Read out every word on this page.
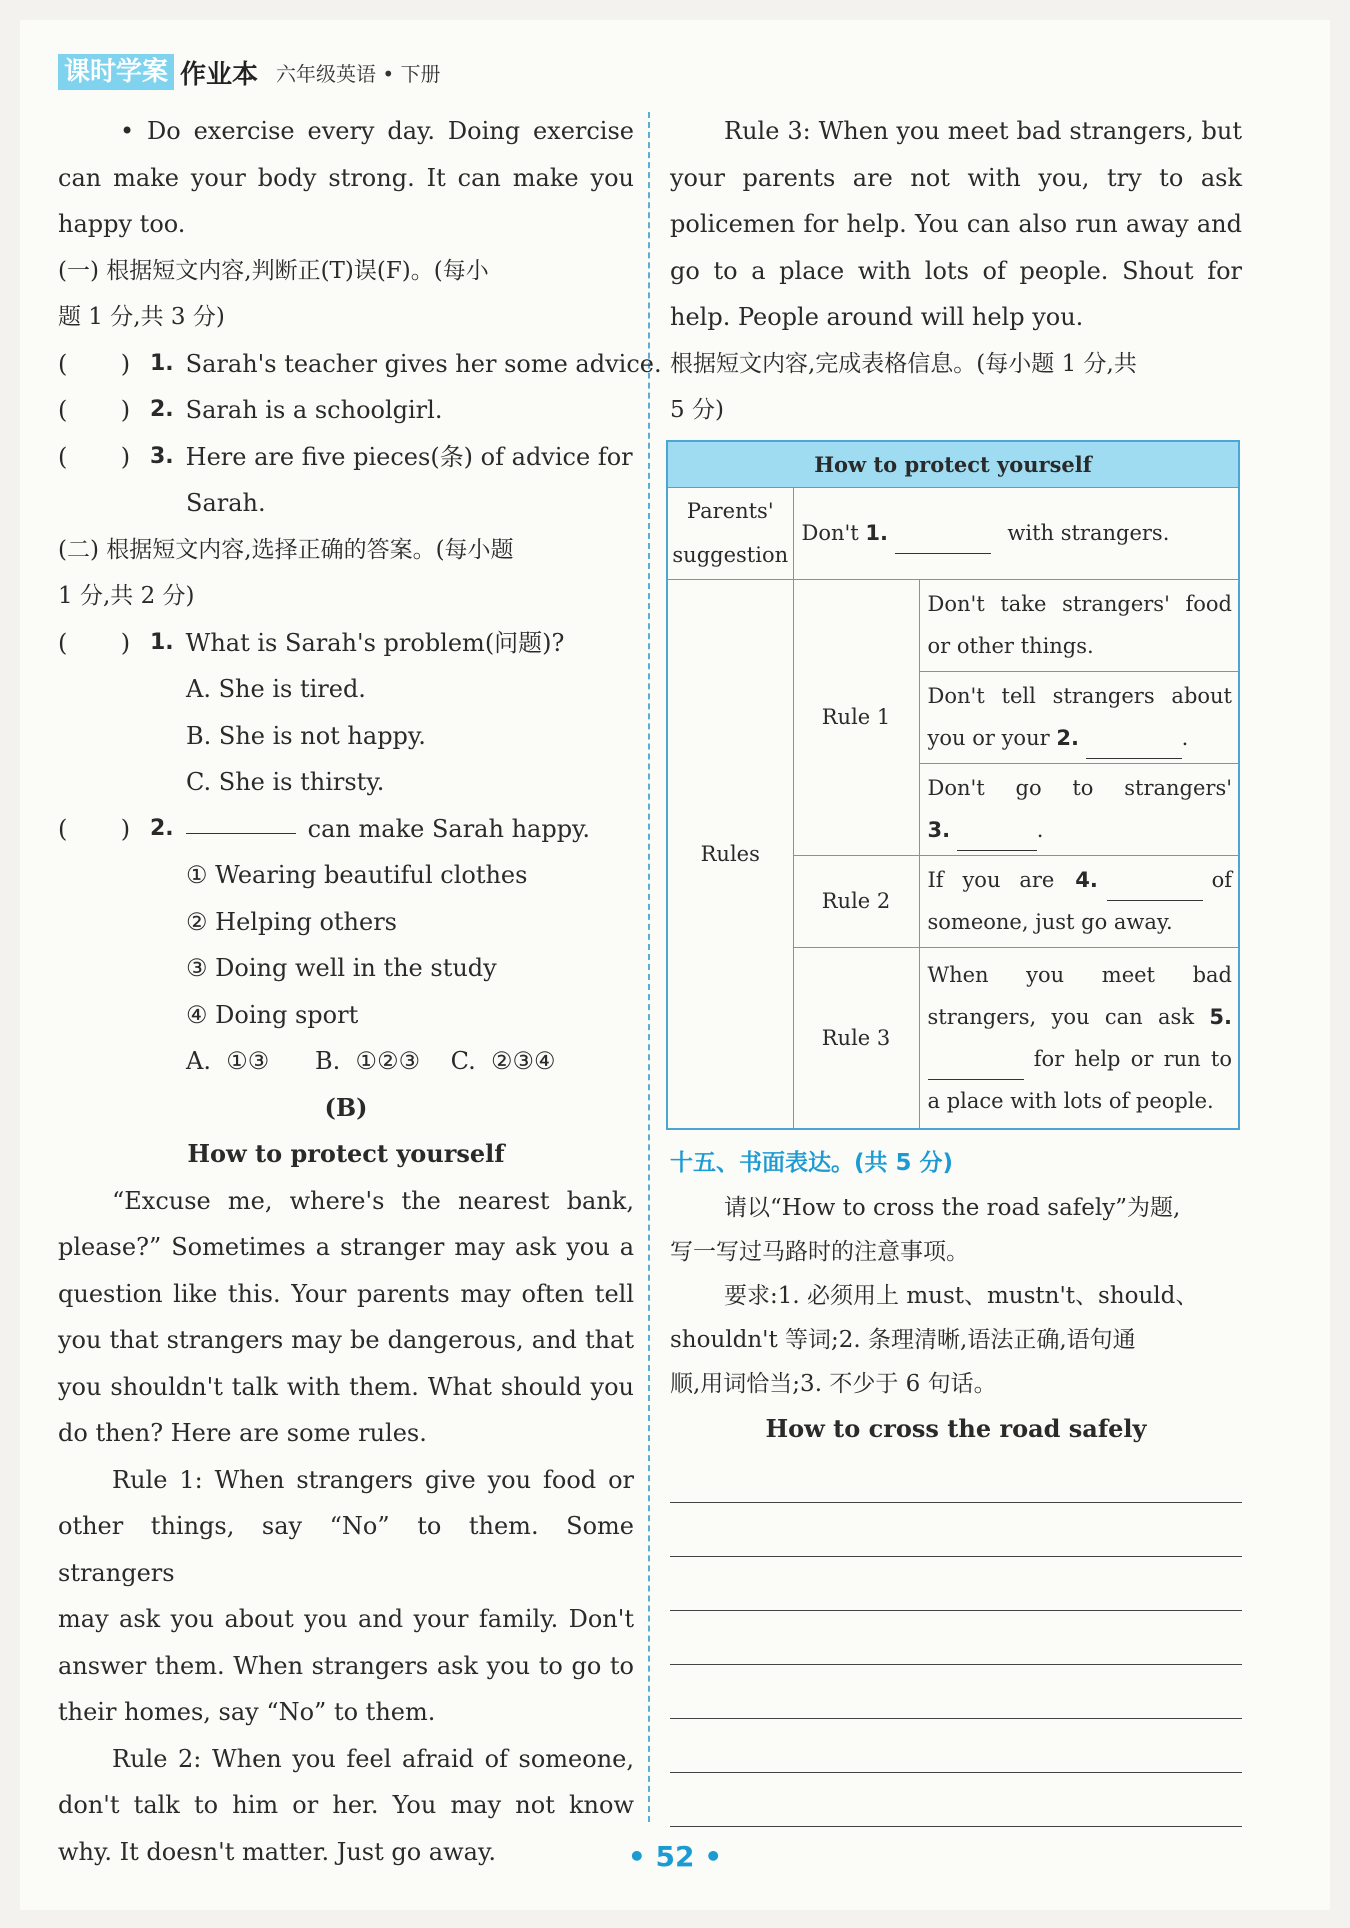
课时学案 作业本 六年级英语 • 下册
• Do exercise every day. Doing exercise
can make your body strong. It can make you
happy too.
(一) 根据短文内容,判断正(T)误(F)。(每小
题 1 分,共 3 分)
(       ) 1. Sarah's teacher gives her some advice.
(       ) 2. Sarah is a schoolgirl.
(       ) 3. Here are five pieces(条) of advice for
Sarah.
(二) 根据短文内容,选择正确的答案。(每小题
1 分,共 2 分)
(       ) 1. What is Sarah's problem(问题)?
A. She is tired.
B. She is not happy.
C. She is thirsty.
(       ) 2.	can make Sarah happy.
① Wearing beautiful clothes
② Helping others
③ Doing well in the study
④ Doing sport
A.  ①③      B.  ①②③    C.  ②③④
(B)
How to protect yourself
“Excuse me, where's the nearest bank,
please?” Sometimes a stranger may ask you a
question like this. Your parents may often tell
you that strangers may be dangerous, and that
you shouldn't talk with them. What should you
do then? Here are some rules.
Rule 1: When strangers give you food or
other things, say “No” to them. Some strangers
may ask you about you and your family. Don't
answer them. When strangers ask you to go to
their homes, say “No” to them.
Rule 2: When you feel afraid of someone,
don't talk to him or her. You may not know
why. It doesn't matter. Just go away.
Rule 3: When you meet bad strangers, but
your parents are not with you, try to ask
policemen for help. You can also run away and
go to a place with lots of people. Shout for
help. People around will help you.
根据短文内容,完成表格信息。(每小题 1 分,共
5 分)
How to protect yourself		
Parents' suggestion	Don't 1. with strangers.	
Rules	Rule 1	Don't take strangers' food or other things.
		Don't tell strangers about you or your 2. .

		Don't go to strangers'
3. .
	Rule 2	If you are 4. of someone, just go away.
	Rule 3	When you meet bad strangers, you can ask 5.  for help or run to a place with lots of people.
十五、书面表达。(共 5 分)
请以“How to cross the road safely”为题,
写一写过马路时的注意事项。
要求:1. 必须用上 must、mustn't、should、
shouldn't 等词;2. 条理清晰,语法正确,语句通
顺,用词恰当;3. 不少于 6 句话。
How to cross the road safely
• 52 •
